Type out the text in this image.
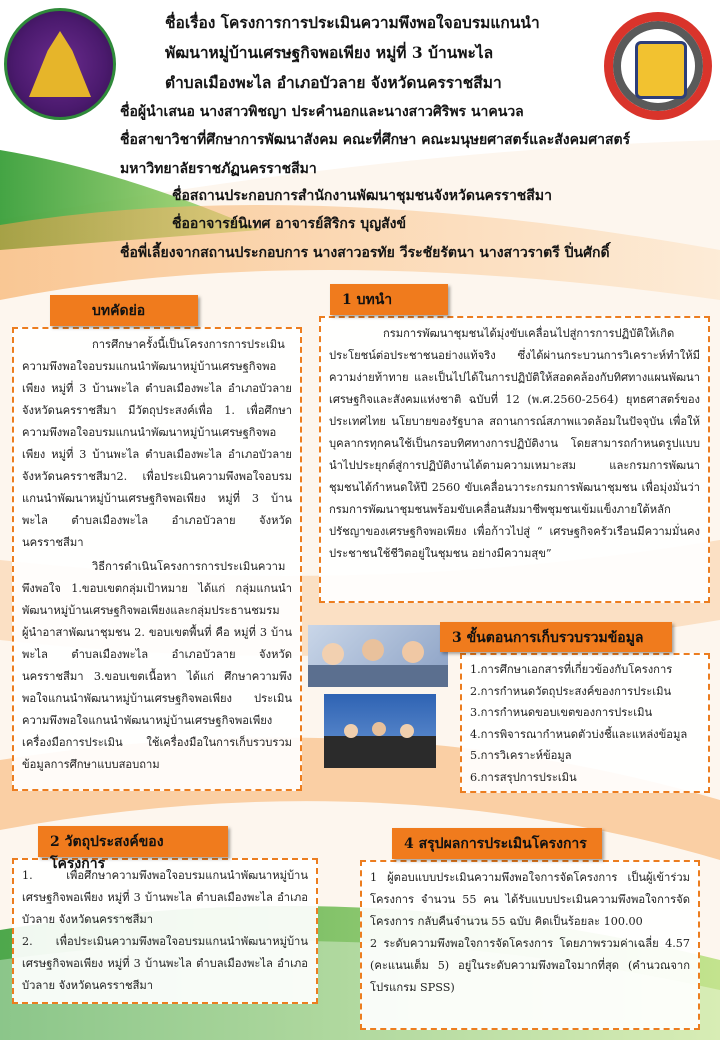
ชื่อเรื่อง โครงการการประเมินความพึงพอใจอบรมแกนนำ
พัฒนาหมู่บ้านเศรษฐกิจพอเพียง หมู่ที่ 3 บ้านพะไล
ตำบลเมืองพะไล อำเภอบัวลาย จังหวัดนครราชสีมา
ชื่อผู้นำเสนอ นางสาวพิชญา ประคำนอกและนางสาวศิริพร นาคนวล
ชื่อสาขาวิชาที่ศึกษาการพัฒนาสังคม คณะที่ศึกษา คณะมนุษยศาสตร์และสังคมศาสตร์
มหาวิทยาลัยราชภัฏนครราชสีมา
ชื่อสถานประกอบการสำนักงานพัฒนาชุมชนจังหวัดนครราชสีมา
ชื่ออาจารย์นิเทศ อาจารย์สิริกร บุญสังข์
ชื่อพี่เลี้ยงจากสถานประกอบการ นางสาวอรทัย วีระชัยรัตนา นางสาวราตรี ปิ่นศักดิ์

การศึกษาครั้งนี้เป็นโครงการการประเมินความพึงพอใจอบรมแกนนำพัฒนาหมู่บ้านเศรษฐกิจพอเพียง หมู่ที่ 3 บ้านพะไล ตำบลเมืองพะไล อำเภอบัวลาย จังหวัดนครราชสีมา มีวัตถุประสงค์เพื่อ 1. เพื่อศึกษาความพึงพอใจอบรมแกนนำพัฒนาหมู่บ้านเศรษฐกิจพอเพียง หมู่ที่ 3 บ้านพะไล ตำบลเมืองพะไล อำเภอบัวลาย จังหวัดนครราชสีมา2. เพื่อประเมินความพึงพอใจอบรมแกนนำพัฒนาหมู่บ้านเศรษฐกิจพอเพียง หมู่ที่ 3 บ้านพะไล ตำบลเมืองพะไล อำเภอบัวลาย จังหวัดนครราชสีมา

วิธีการดำเนินโครงการการประเมินความพึงพอใจ 1.ขอบเขตกลุ่มเป้าหมาย ได้แก่ กลุ่มแกนนำพัฒนาหมู่บ้านเศรษฐกิจพอเพียงและกลุ่มประธานชมรมผู้นำอาสาพัฒนาชุมชน 2. ขอบเขตพื้นที่ คือ หมู่ที่ 3 บ้านพะไล ตำบลเมืองพะไล อำเภอบัวลาย จังหวัดนครราชสีมา 3.ขอบเขตเนื้อหา ได้แก่ ศึกษาความพึงพอใจแกนนำพัฒนาหมู่บ้านเศรษฐกิจพอเพียง ประเมินความพึงพอใจแกนนำพัฒนาหมู่บ้านเศรษฐกิจพอเพียง เครื่องมือการประเมิน ใช้เครื่องมือในการเก็บรวบรวมข้อมูลการศึกษาแบบสอบถาม

บทคัดย่อ

กรมการพัฒนาชุมชนได้มุ่งขับเคลื่อนไปสู่การการปฏิบัติให้เกิดประโยชน์ต่อประชาชนอย่างแท้จริง ซึ่งได้ผ่านกระบวนการวิเคราะห์ทำให้มีความง่ายท้าทาย และเป็นไปได้ในการปฏิบัติให้สอดคล้องกับทิศทางแผนพัฒนาเศรษฐกิจและสังคมแห่งชาติ ฉบับที่ 12 (พ.ศ.2560-2564) ยุทธศาสตร์ของประเทศไทย นโยบายของรัฐบาล สถานการณ์สภาพแวดล้อมในปัจจุบัน เพื่อให้บุคลากรทุกคนใช้เป็นกรอบทิศทางการปฏิบัติงาน โดยสามารถกำหนดรูปแบบนำไปประยุกต์สู่การปฏิบัติงานได้ตามความเหมาะสม และกรมการพัฒนาชุมชนได้กำหนดให้ปี 2560 ขับเคลื่อนวาระกรมการพัฒนาชุมชน เพื่อมุ่งมั่นว่ากรมการพัฒนาชุมชนพร้อมขับเคลื่อนสัมมาชีพชุมชนเข้มแข็งภายใต้หลักปรัชญาของเศรษฐกิจพอเพียง เพื่อก้าวไปสู่ “ เศรษฐกิจครัวเรือนมีความมั่นคง ประชาชนใช้ชีวิตอยู่ในชุมชน อย่างมีความสุข”

1 บทนำ
1.การศึกษาเอกสารที่เกี่ยวข้องกับโครงการ
2.การกำหนดวัตถุประสงค์ของการประเมิน
3.การกำหนดขอบเขตของการประเมิน
4.การพิจารณากำหนดตัวบ่งชี้และแหล่งข้อมูล
5.การวิเคราะห์ข้อมูล
6.การสรุปการประเมิน
3 ขั้นตอนการเก็บรวบรวมข้อมูล

1. เพื่อศึกษาความพึงพอใจอบรมแกนนำพัฒนาหมู่บ้านเศรษฐกิจพอเพียง หมู่ที่ 3 บ้านพะไล ตำบลเมืองพะไล อำเภอบัวลาย จังหวัดนครราชสีมา

2. เพื่อประเมินความพึงพอใจอบรมแกนนำพัฒนาหมู่บ้านเศรษฐกิจพอเพียง หมู่ที่ 3 บ้านพะไล ตำบลเมืองพะไล อำเภอบัวลาย จังหวัดนครราชสีมา

2 วัตถุประสงค์ของโครงการ

1 ผู้ตอบแบบประเมินความพึงพอใจการจัดโครงการ เป็นผู้เข้าร่วมโครงการ จำนวน 55 คน ได้รับแบบประเมินความพึงพอใจการจัดโครงการ กลับคืนจำนวน 55 ฉบับ คิดเป็นร้อยละ 100.00

2 ระดับความพึงพอใจการจัดโครงการ โดยภาพรวมค่าเฉลี่ย 4.57 (คะแนนเต็ม 5) อยู่ในระดับความพึงพอใจมากที่สุด (คำนวณจากโปรแกรม SPSS)

4 สรุปผลการประเมินโครงการ
